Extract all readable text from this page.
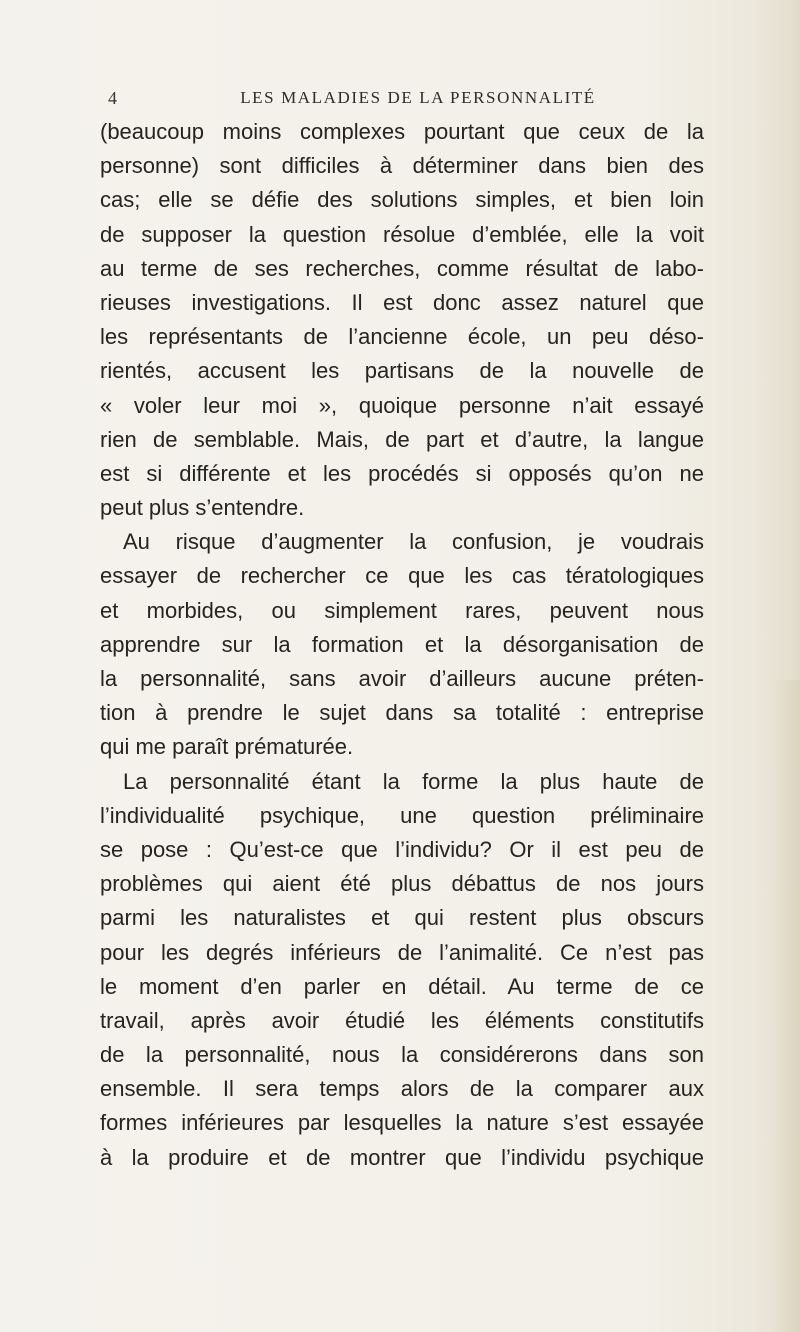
4	LES MALADIES DE LA PERSONNALITÉ
(beaucoup moins complexes pourtant que ceux de la
personne) sont difficiles à déterminer dans bien des
cas; elle se défie des solutions simples, et bien loin
de supposer la question résolue d’emblée, elle la voit
au terme de ses recherches, comme résultat de labo-
rieuses investigations. Il est donc assez naturel que
les représentants de l’ancienne école, un peu déso-
rientés, accusent les partisans de la nouvelle de
« voler leur moi », quoique personne n’ait essayé
rien de semblable. Mais, de part et d’autre, la langue
est si différente et les procédés si opposés qu’on ne
peut plus s’entendre.
Au risque d’augmenter la confusion, je voudrais
essayer de rechercher ce que les cas tératologiques
et morbides, ou simplement rares, peuvent nous
apprendre sur la formation et la désorganisation de
la personnalité, sans avoir d’ailleurs aucune préten-
tion à prendre le sujet dans sa totalité : entreprise
qui me paraît prématurée.
La personnalité étant la forme la plus haute de
l’individualité psychique, une question préliminaire
se pose : Qu’est-ce que l’individu? Or il est peu de
problèmes qui aient été plus débattus de nos jours
parmi les naturalistes et qui restent plus obscurs
pour les degrés inférieurs de l’animalité. Ce n’est pas
le moment d’en parler en détail. Au terme de ce
travail, après avoir étudié les éléments constitutifs
de la personnalité, nous la considérerons dans son
ensemble. Il sera temps alors de la comparer aux
formes inférieures par lesquelles la nature s’est essayée
à la produire et de montrer que l’individu psychique
